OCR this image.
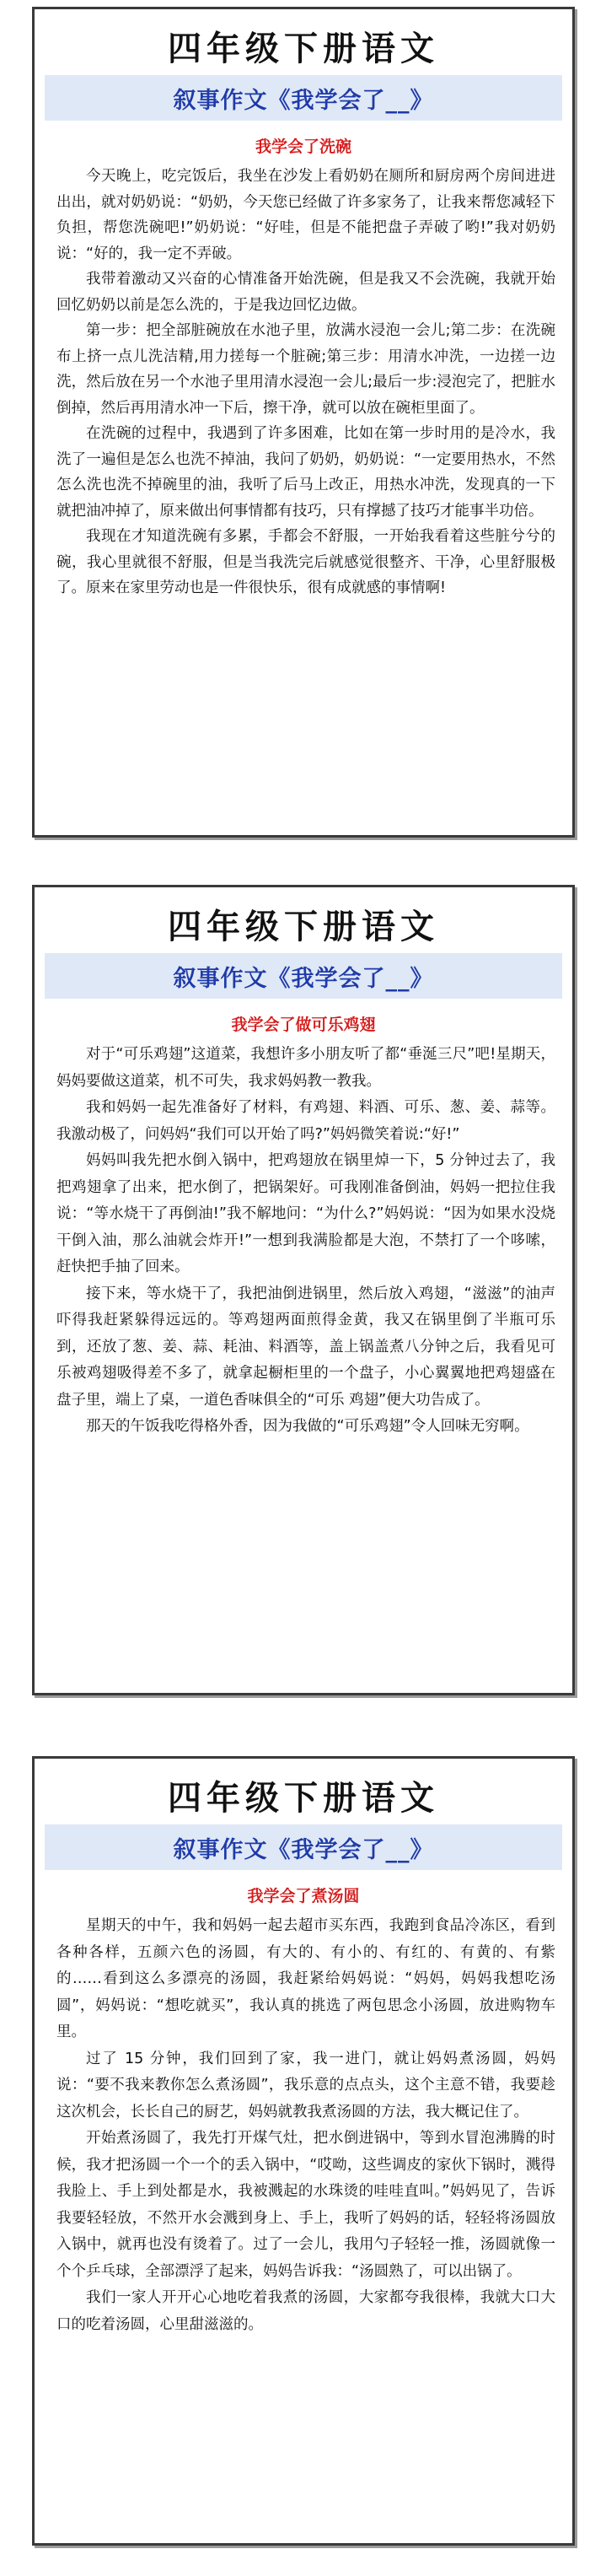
四年级下册语文
叙事作文《我学会了__》
我学会了洗碗

今天晚上，吃完饭后，我坐在沙发上看奶奶在厕所和厨房两个房间进进出出，就对奶奶说：“奶奶，今天您已经做了许多家务了，让我来帮您减轻下负担，帮您洗碗吧!”奶奶说：“好哇，但是不能把盘子弄破了哟!”我对奶奶说：“好的，我一定不弄破。

我带着激动又兴奋的心情准备开始洗碗，但是我又不会洗碗，我就开始回忆奶奶以前是怎么洗的，于是我边回忆边做。

第一步：把全部脏碗放在水池子里，放满水浸泡一会儿;第二步：在洗碗布上挤一点儿洗洁精,用力搓每一个脏碗;第三步：用清水冲洗，一边搓一边洗，然后放在另一个水池子里用清水浸泡一会儿;最后一步:浸泡完了，把脏水倒掉，然后再用清水冲一下后，擦干净，就可以放在碗柜里面了。

在洗碗的过程中，我遇到了许多困难，比如在第一步时用的是冷水，我洗了一遍但是怎么也洗不掉油，我问了奶奶，奶奶说：“一定要用热水，不然怎么洗也洗不掉碗里的油，我听了后马上改正，用热水冲洗，发现真的一下就把油冲掉了，原来做出何事情都有技巧，只有撑撼了技巧才能事半功倍。

我现在才知道洗碗有多累，手都会不舒服，一开始我看着这些脏兮兮的碗，我心里就很不舒服，但是当我洗完后就感觉很整齐、干净，心里舒服极了。原来在家里劳动也是一件很快乐，很有成就感的事情啊!

四年级下册语文
叙事作文《我学会了__》
我学会了做可乐鸡翅

对于“可乐鸡翅”这道菜，我想许多小朋友听了都“垂涎三尺”吧!星期天，妈妈要做这道菜，机不可失，我求妈妈教一教我。

我和妈妈一起先准备好了材料，有鸡翅、料酒、可乐、葱、姜、蒜等。我激动极了，问妈妈“我们可以开始了吗?”妈妈微笑着说:“好!”

妈妈叫我先把水倒入锅中，把鸡翅放在锅里焯一下，5 分钟过去了，我把鸡翅拿了出来，把水倒了，把锅架好。可我刚准备倒油，妈妈一把拉住我说：“等水烧干了再倒油!”我不解地问：“为什么?”妈妈说：“因为如果水没烧干倒入油，那么油就会炸开!”一想到我满脸都是大泡，不禁打了一个哆嗦，赶快把手抽了回来。

接下来，等水烧干了，我把油倒进锅里，然后放入鸡翅，“滋滋”的油声吓得我赶紧躲得远远的。等鸡翅两面煎得金黄，我又在锅里倒了半瓶可乐到，还放了葱、姜、蒜、耗油、料酒等，盖上锅盖煮八分钟之后，我看见可乐被鸡翅吸得差不多了，就拿起橱柜里的一个盘子，小心翼翼地把鸡翅盛在盘子里，端上了桌，一道色香味俱全的“可乐 鸡翅”便大功告成了。

那天的午饭我吃得格外香，因为我做的“可乐鸡翅”令人回味无穷啊。

四年级下册语文
叙事作文《我学会了__》
我学会了煮汤圆

星期天的中午，我和妈妈一起去超市买东西，我跑到食品冷冻区，看到各种各样，五颜六色的汤圆，有大的、有小的、有红的、有黄的、有紫的……看到这么多漂亮的汤圆，我赶紧给妈妈说：“妈妈，妈妈我想吃汤圆”，妈妈说：“想吃就买”，我认真的挑选了两包思念小汤圆，放进购物车里。

过了 15 分钟，我们回到了家，我一进门，就让妈妈煮汤圆，妈妈说：“要不我来教你怎么煮汤圆”，我乐意的点点头，这个主意不错，我要趁这次机会，长长自己的厨艺，妈妈就教我煮汤圆的方法，我大概记住了。

开始煮汤圆了，我先打开煤气灶，把水倒进锅中，等到水冒泡沸腾的时候，我才把汤圆一个一个的丢入锅中，“哎呦，这些调皮的家伙下锅时，溅得我脸上、手上到处都是水，我被溅起的水珠烫的哇哇直叫。”妈妈见了，告诉我要轻轻放，不然开水会溅到身上、手上，我听了妈妈的话，轻轻将汤圆放入锅中，就再也没有烫着了。过了一会儿，我用勺子轻轻一推，汤圆就像一个个乒乓球，全部漂浮了起来，妈妈告诉我：“汤圆熟了，可以出锅了。

我们一家人开开心心地吃着我煮的汤圆，大家都夸我很棒，我就大口大口的吃着汤圆，心里甜滋滋的。
